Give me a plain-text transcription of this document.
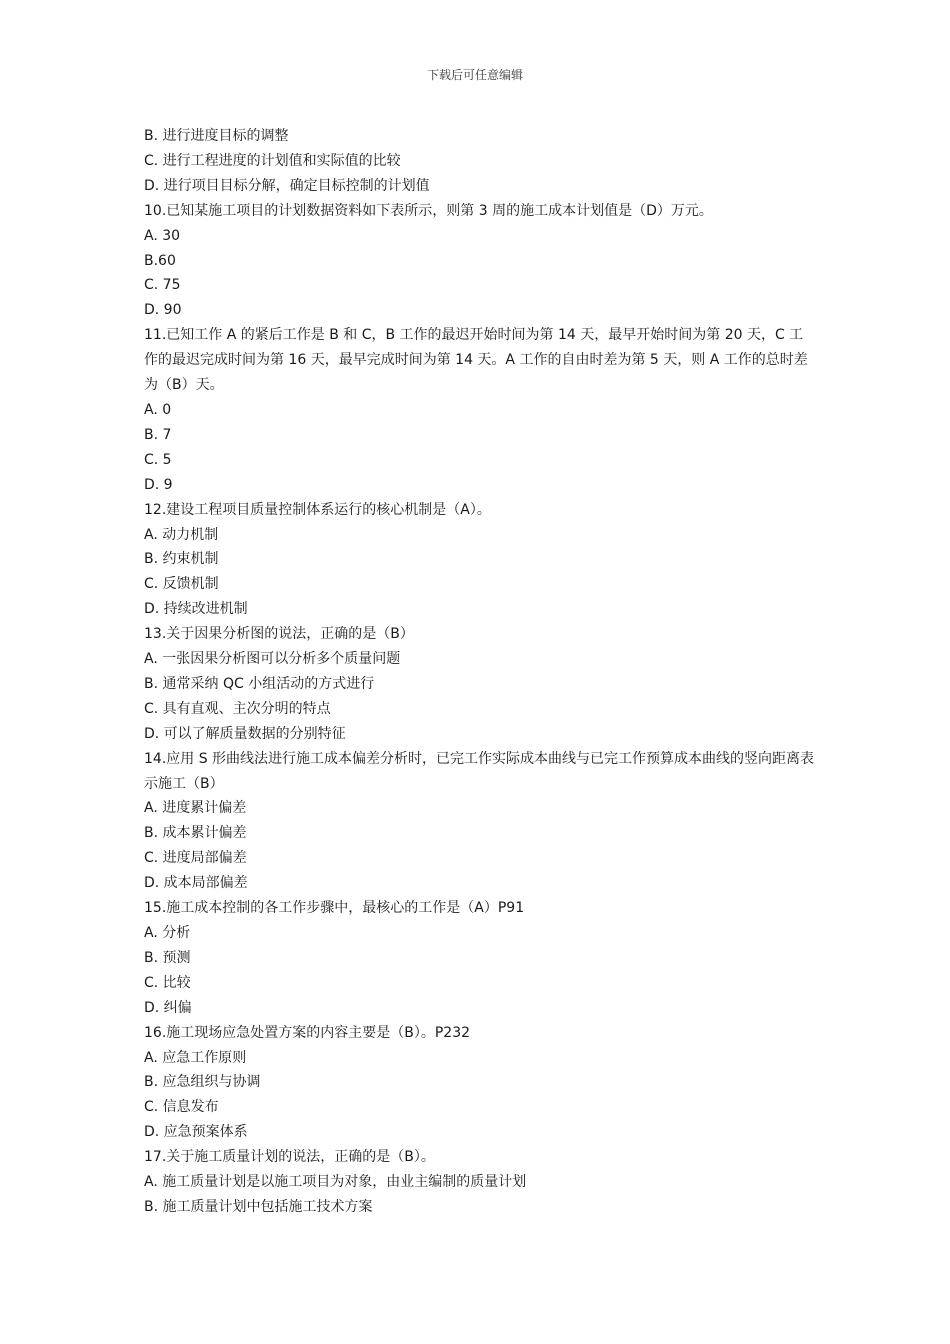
下载后可任意编辑

B. 进行进度目标的调整

C. 进行工程进度的计划值和实际值的比较

D. 进行项目目标分解，确定目标控制的计划值

10.已知某施工项目的计划数据资料如下表所示，则第 3 周的施工成本计划值是（D）万元。

A. 30

B.60

C. 75

D. 90

11.已知工作 A 的紧后工作是 B 和 C，B 工作的最迟开始时间为第 14 天，最早开始时间为第 20 天，C 工作的最迟完成时间为第 16 天，最早完成时间为第 14 天。A 工作的自由时差为第 5 天，则 A 工作的总时差为（B）天。

A. 0

B. 7

C. 5

D. 9

12.建设工程项目质量控制体系运行的核心机制是（A）。

A. 动力机制

B. 约束机制

C. 反馈机制

D. 持续改进机制

13.关于因果分析图的说法，正确的是（B）

A. 一张因果分析图可以分析多个质量问题

B. 通常采纳 QC 小组活动的方式进行

C. 具有直观、主次分明的特点

D. 可以了解质量数据的分别特征

14.应用 S 形曲线法进行施工成本偏差分析时，已完工作实际成本曲线与已完工作预算成本曲线的竖向距离表示施工（B）

A. 进度累计偏差

B. 成本累计偏差

C. 进度局部偏差

D. 成本局部偏差

15.施工成本控制的各工作步骤中，最核心的工作是（A）P91

A. 分析

B. 预测

C. 比较

D. 纠偏

16.施工现场应急处置方案的内容主要是（B）。P232

A. 应急工作原则

B. 应急组织与协调

C. 信息发布

D. 应急预案体系

17.关于施工质量计划的说法，正确的是（B）。

A. 施工质量计划是以施工项目为对象，由业主编制的质量计划

B. 施工质量计划中包括施工技术方案
